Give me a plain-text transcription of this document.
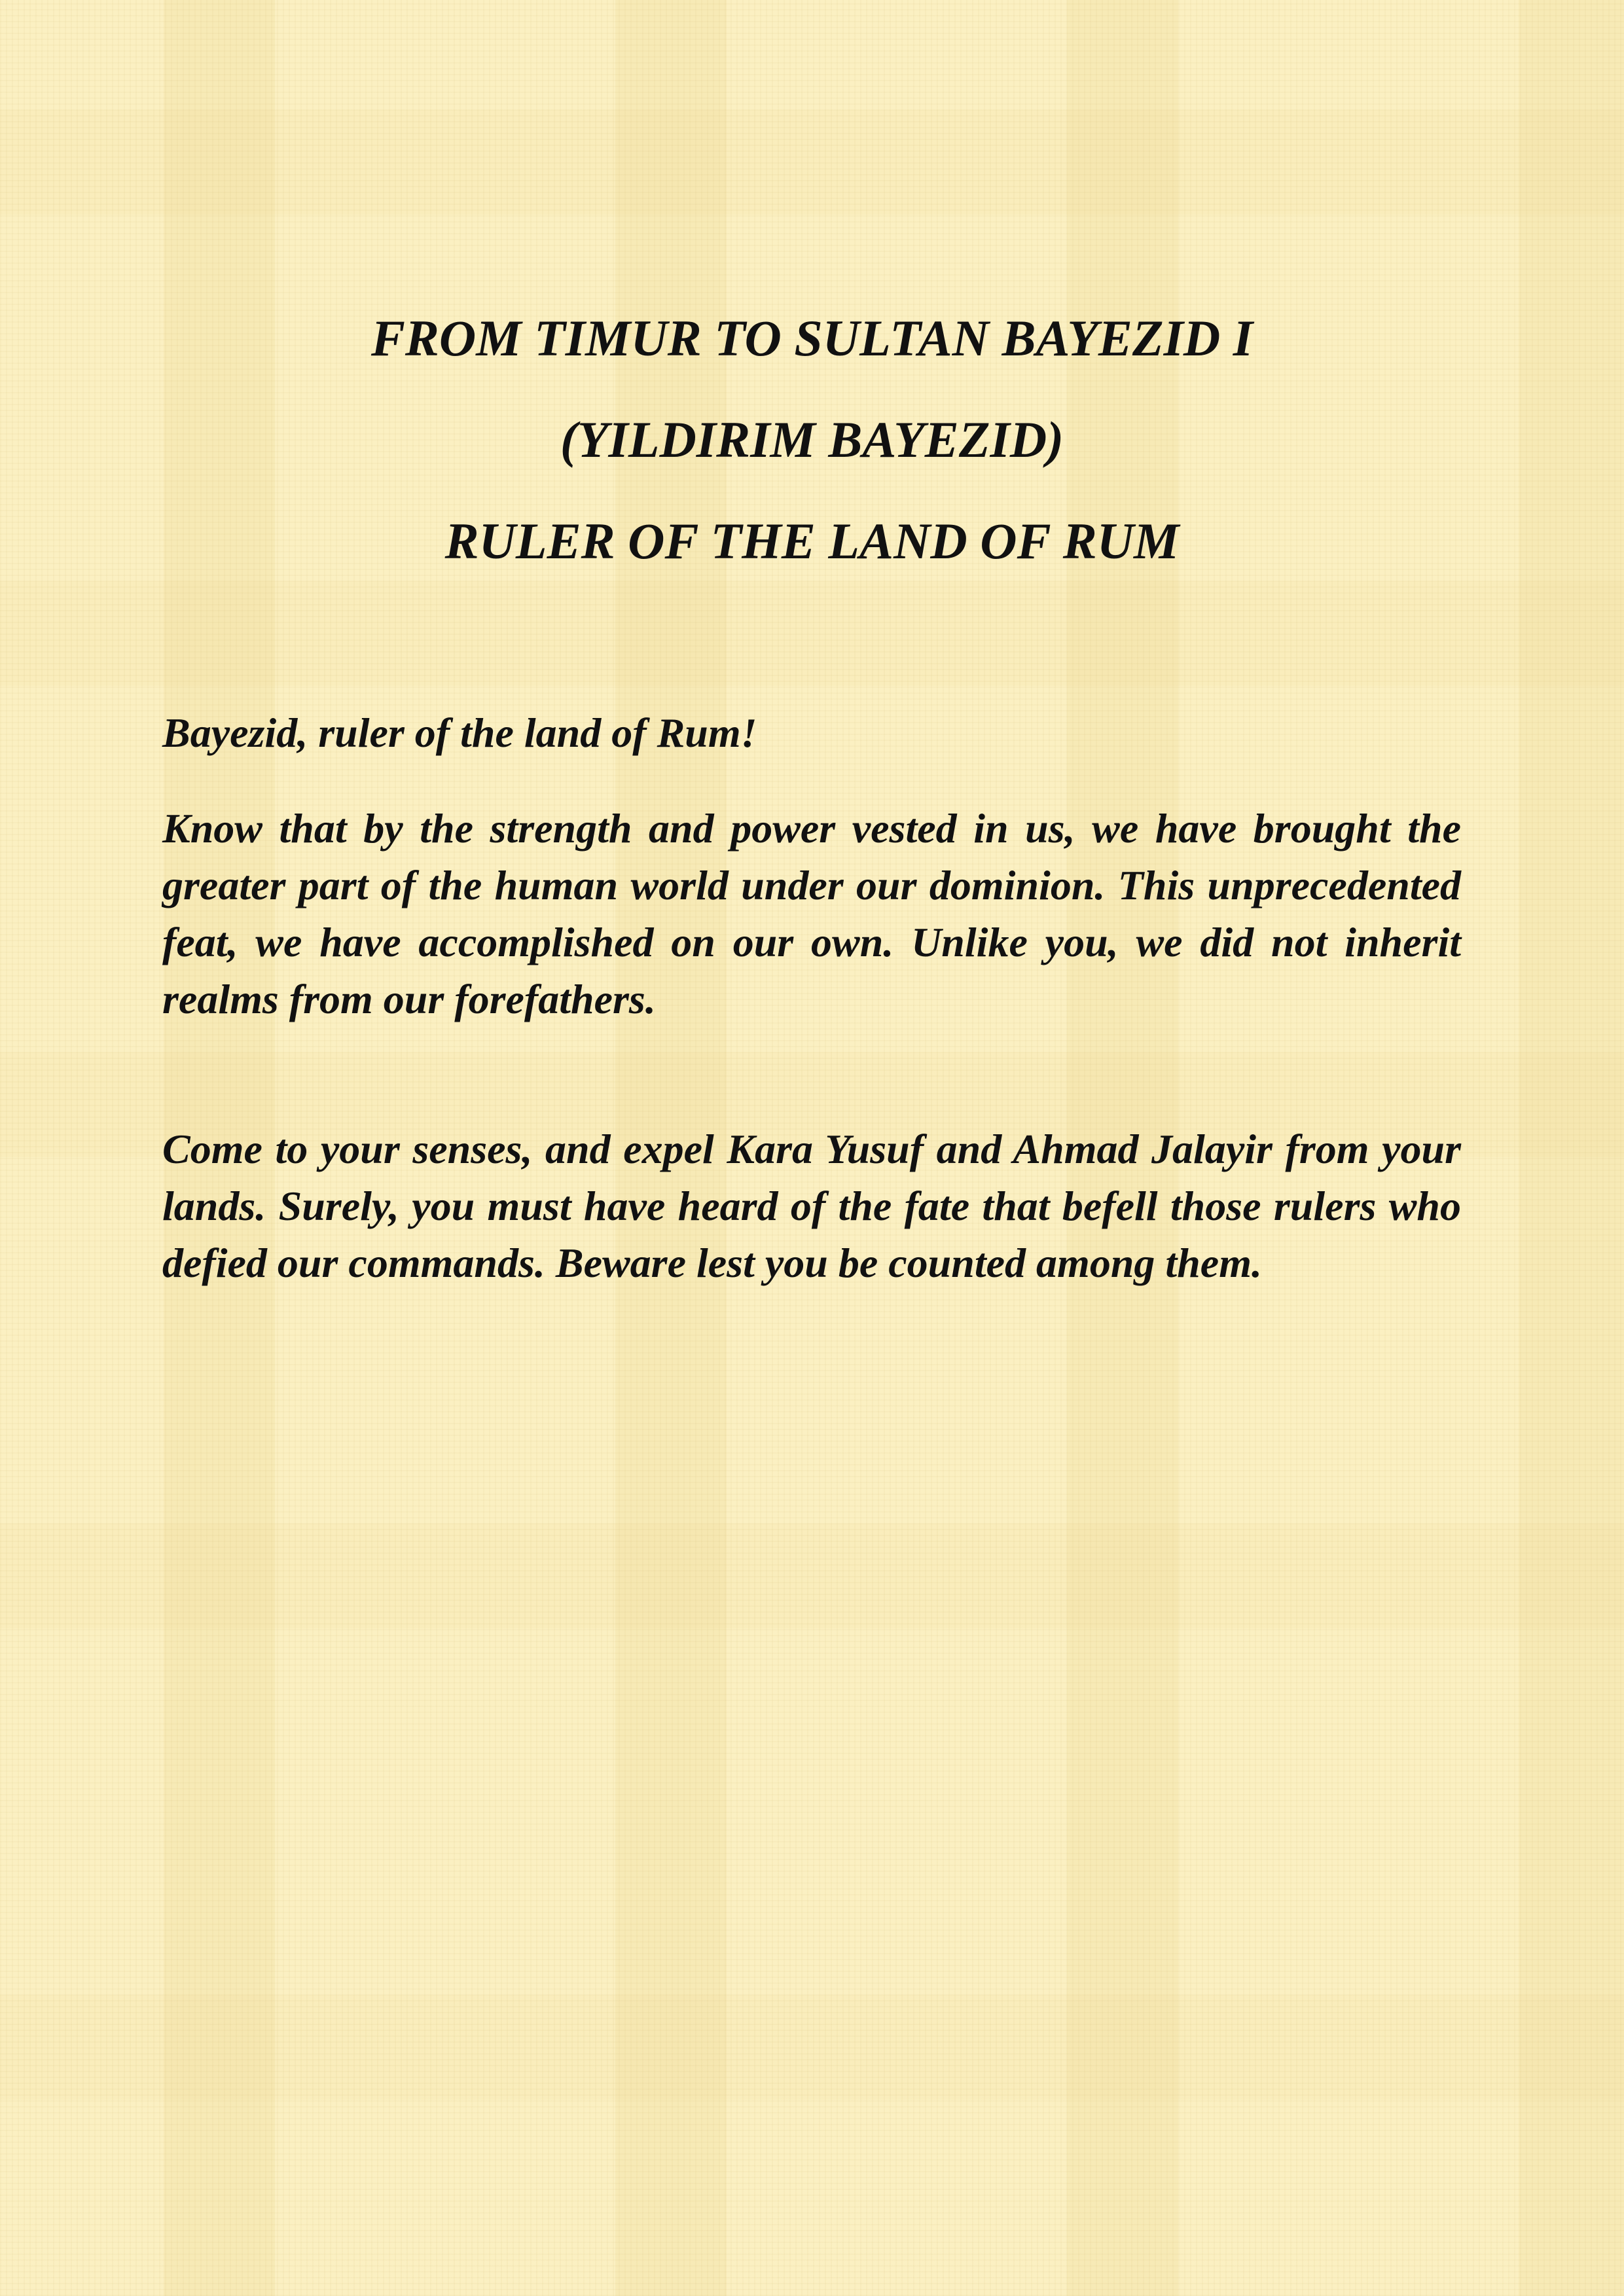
FROM TIMUR TO SULTAN BAYEZID I
(YILDIRIM BAYEZID)
RULER OF THE LAND OF RUM

Bayezid, ruler of the land of Rum!

Know that by the strength and power vested in us, we have brought the greater part of the human world under our dominion. This unprecedented feat, we have accomplished on our own. Unlike you, we did not inherit realms from our forefathers.

Come to your senses, and expel Kara Yusuf and Ahmad Jalayir from your lands. Surely, you must have heard of the fate that befell those rulers who defied our commands. Beware lest you be counted among them.
